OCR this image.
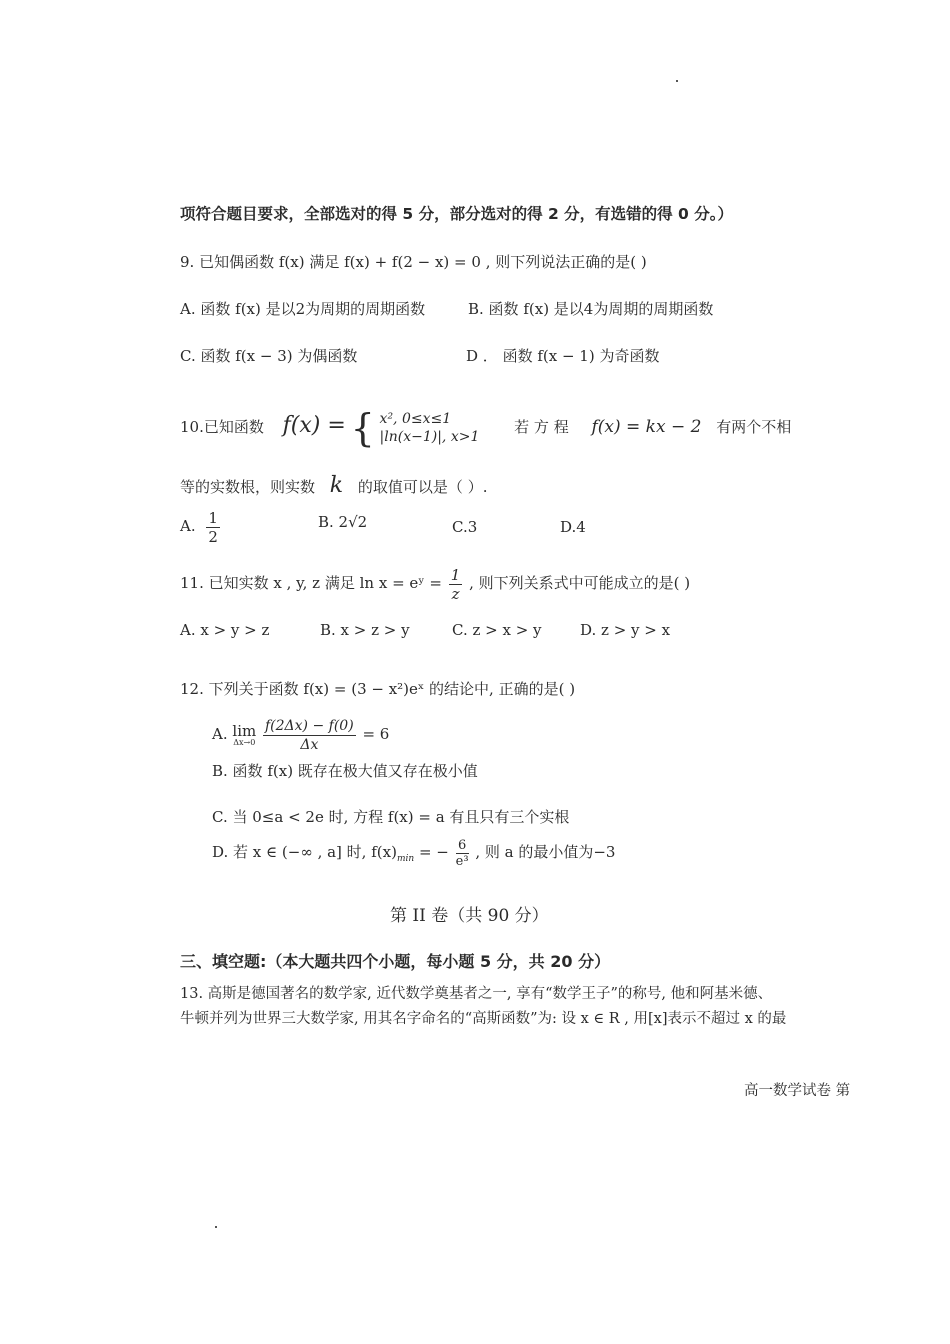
项符合题目要求，全部选对的得 5 分，部分选对的得 2 分，有选错的得 0 分。）
9. 已知偶函数 f(x) 满足 f(x) + f(2 − x) = 0 , 则下列说法正确的是( )
A. 函数 f(x) 是以2为周期的周期函数	B. 函数 f(x) 是以4为周期的周期函数
C. 函数 f(x − 3) 为偶函数	D ． 函数 f(x − 1) 为奇函数
10.已知函数 f(x) = { x², 0≤x≤1
|ln(x−1)|, x>1
若 方 程 f(x) = kx − 2 有两个不相
等的实数根，则实数 k 的取值可以是（ ）.
A. $\frac{1}{2}$	B. 2√2	C.3	D.4
11. 已知实数 x , y, z 满足 ln x = eʸ = $\frac{1}{z}$ , 则下列关系式中可能成立的是( )
A. x > y > z	B. x > z > y	C. z > x > y	D. z > y > x
12. 下列关于函数 f(x) = (3 − x²)eˣ 的结论中, 正确的是( )
A. lim
Δx→0
$\frac{f(2\Delta x) - f(0)}{\Delta x} = 6$
B. 函数 f(x) 既存在极大值又存在极小值
C. 当 0≤a < 2e 时, 方程 f(x) = a 有且只有三个实根
D. 若 x ∈ (−∞ , a] 时, $f(x)_{min}$ = − $\frac{6}{\text{e³}}$ , 则 a 的最小值为−3
第 II 卷（共 90 分）
三、填空题:（本大题共四个小题，每小题 5 分，共 20 分）
13. 高斯是德国著名的数学家, 近代数学奠基者之一, 享有“数学王子”的称号, 他和阿基米德、
牛顿并列为世界三大数学家, 用其名字命名的“高斯函数”为: 设 x ∈ R , 用[x]表示不超过 x 的最
高一数学试卷 第
